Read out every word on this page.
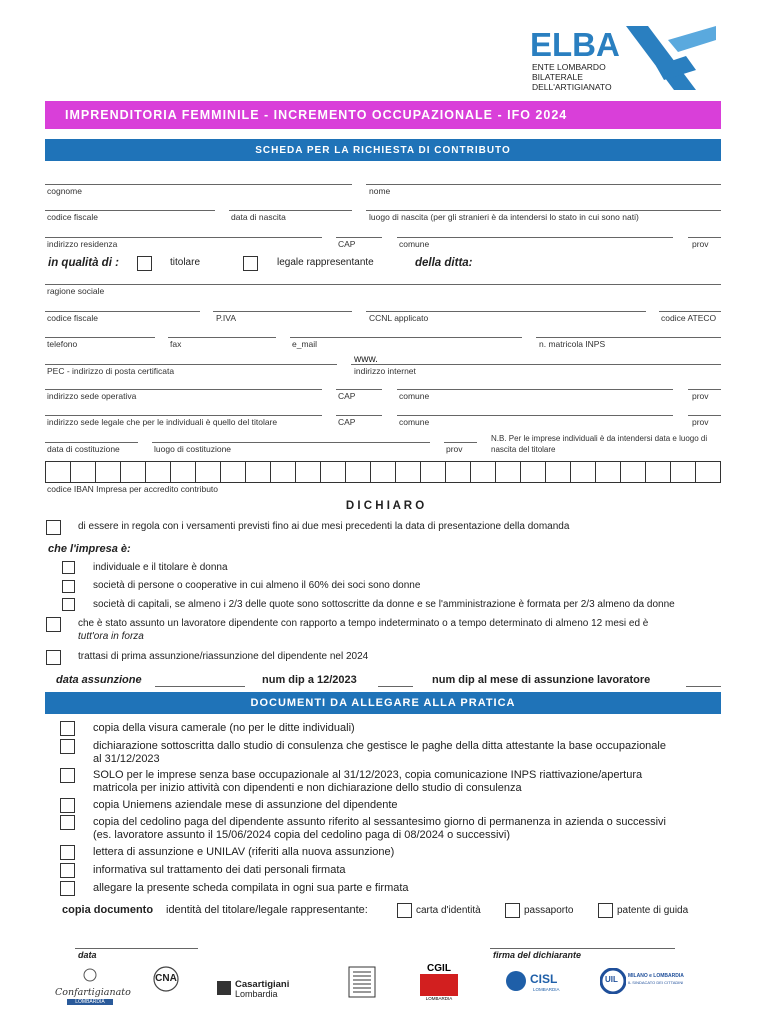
ELBA
ENTE LOMBARDO
BILATERALE
DELL'ARTIGIANATO
IMPRENDITORIA FEMMINILE - INCREMENTO OCCUPAZIONALE - IFO 2024
SCHEDA PER LA RICHIESTA DI CONTRIBUTO
cognome	nome
codice fiscale	data di nascita	luogo di nascita (per gli stranieri è da intendersi lo stato in cui sono nati)
indirizzo residenza	CAP	comune	prov
in qualità di :	titolare	legale rappresentante	della ditta:
ragione sociale
codice fiscale	P.IVA	CCNL applicato	codice ATECO
telefono	fax	e_mail	n. matricola INPS
www.
PEC - indirizzo di posta certificata	indirizzo internet
indirizzo sede operativa	CAP	comune	prov
indirizzo sede legale che per le individuali è quello del titolare	CAP	comune	prov
data di costituzione	luogo di costituzione	prov
N.B. Per le imprese individuali è da intendersi data e luogo di nascita del titolare
codice IBAN Impresa per accredito contributo
D I C H I A R O
di essere in regola con i versamenti previsti fino ai due mesi precedenti la data di presentazione della domanda
che l'impresa è:
individuale e il titolare è donna
società di persone o cooperative in cui almeno il 60% dei soci sono donne
società di capitali, se almeno i 2/3 delle quote sono sottoscritte da donne e se l'amministrazione è formata per 2/3 almeno da donne
che è stato assunto un lavoratore dipendente con rapporto a tempo indeterminato o a tempo determinato di almeno 12 mesi ed è
tutt'ora in forza
trattasi di prima assunzione/riassunzione del dipendente nel 2024
data assunzione	num dip a 12/2023	num dip al mese di assunzione lavoratore
DOCUMENTI DA ALLEGARE ALLA PRATICA
copia della visura camerale (no per le ditte individuali)
dichiarazione sottoscritta dallo studio di consulenza che gestisce le paghe della ditta attestante la base occupazionale
al 31/12/2023
SOLO per le imprese senza base occupazionale al 31/12/2023, copia comunicazione INPS riattivazione/apertura
matricola per inizio attività con dipendenti e non dichiarazione dello studio di consulenza
copia Uniemens aziendale mese di assunzione del dipendente
copia del cedolino paga del dipendente assunto riferito al sessantesimo giorno di permanenza in azienda o successivi
(es. lavoratore assunto il 15/06/2024 copia del cedolino paga di 08/2024 o successivi)
lettera di assunzione e UNILAV (riferiti alla nuova assunzione)
informativa sul trattamento dei dati personali firmata
allegare la presente scheda compilata in ogni sua parte e firmata
copia documento identità del titolare/legale rappresentante:	carta d'identità	passaporto	patente di guida
data	firma del dichiarante
Confartigianato
LOMBARDIA
CNA
Casartigiani
Lombardia
CGIL
LOMBARDIA
CISL
LOMBARDIA
UIL MILANO e LOMBARDIA
IL SINDACATO DEI CITTADINI
